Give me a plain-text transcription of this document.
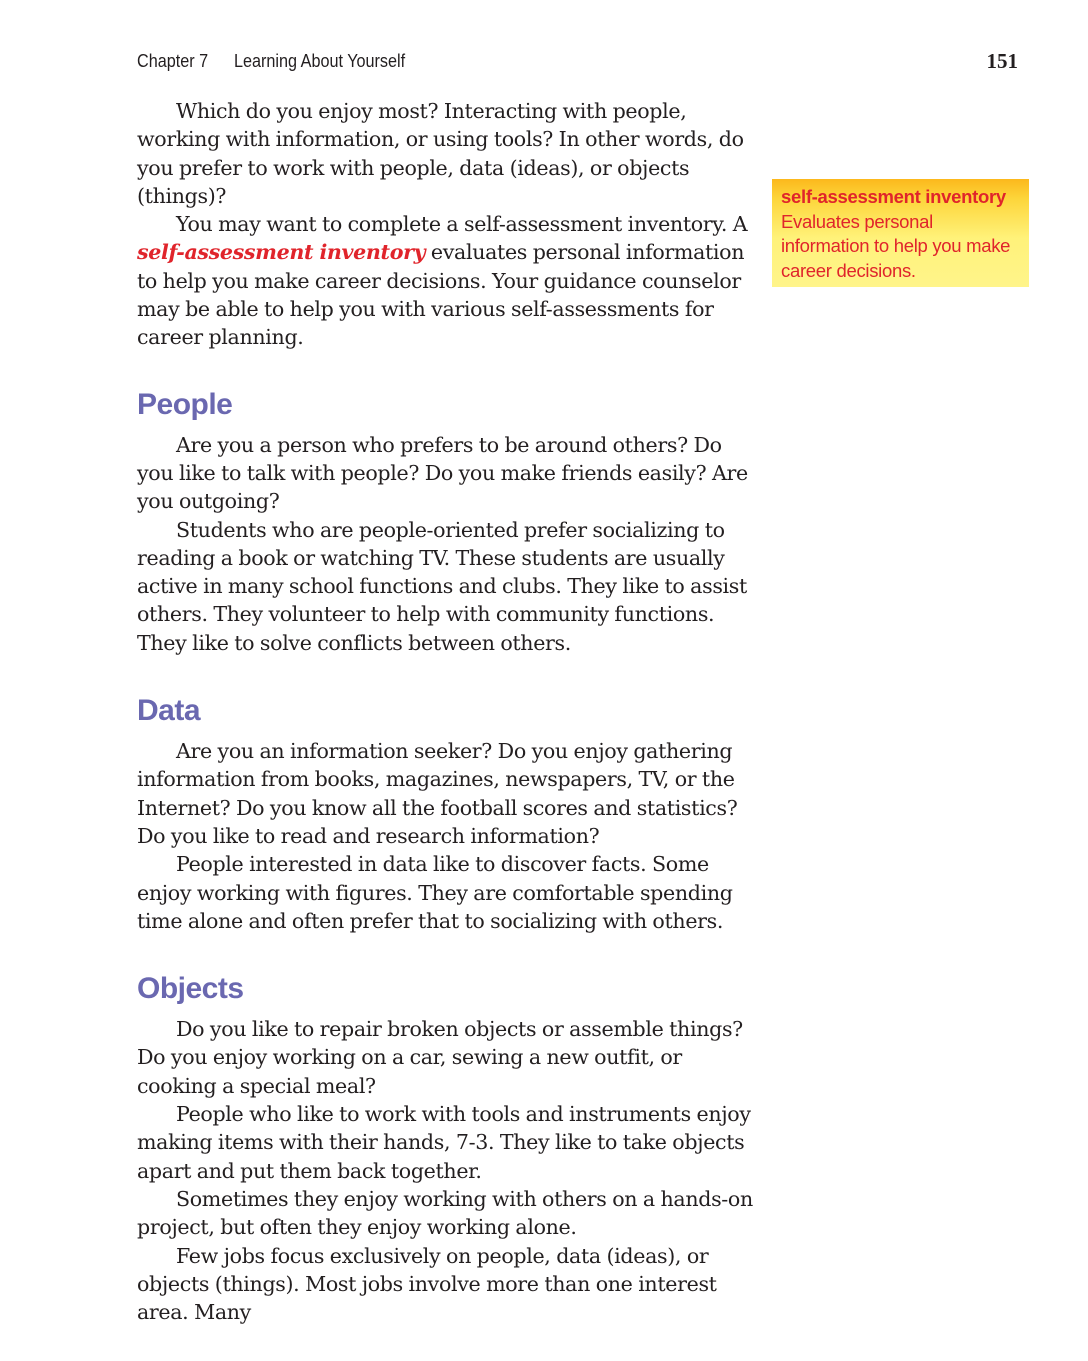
Chapter 7 Learning About Yourself	151

Which do you enjoy most? Interacting with people, working with information, or using tools? In other words, do you prefer to work with people, data (ideas), or objects (things)?

You may want to complete a self-assessment inventory. A self-assessment inventory evaluates personal information to help you make career decisions. Your guidance counselor may be able to help you with various self-assessments for career planning.

People

Are you a person who prefers to be around others? Do you like to talk with people? Do you make friends easily? Are you outgoing?

Students who are people-oriented prefer socializing to reading a book or watching TV. These students are usually active in many school functions and clubs. They like to assist others. They volunteer to help with community functions. They like to solve conflicts between others.

Data

Are you an information seeker? Do you enjoy gathering information from books, magazines, newspapers, TV, or the Internet? Do you know all the football scores and statistics? Do you like to read and research information?

People interested in data like to discover facts. Some enjoy working with figures. They are comfortable spending time alone and often prefer that to socializing with others.

Objects

Do you like to repair broken objects or assemble things? Do you enjoy working on a car, sewing a new outfit, or cooking a special meal?

People who like to work with tools and instruments enjoy making items with their hands, 7-3. They like to take objects apart and put them back together.

Sometimes they enjoy working with others on a hands-on project, but often they enjoy working alone.

Few jobs focus exclusively on people, data (ideas), or objects (things). Most jobs involve more than one interest area. Many

self-assessment inventory
Evaluates personal information to help you make career decisions.
